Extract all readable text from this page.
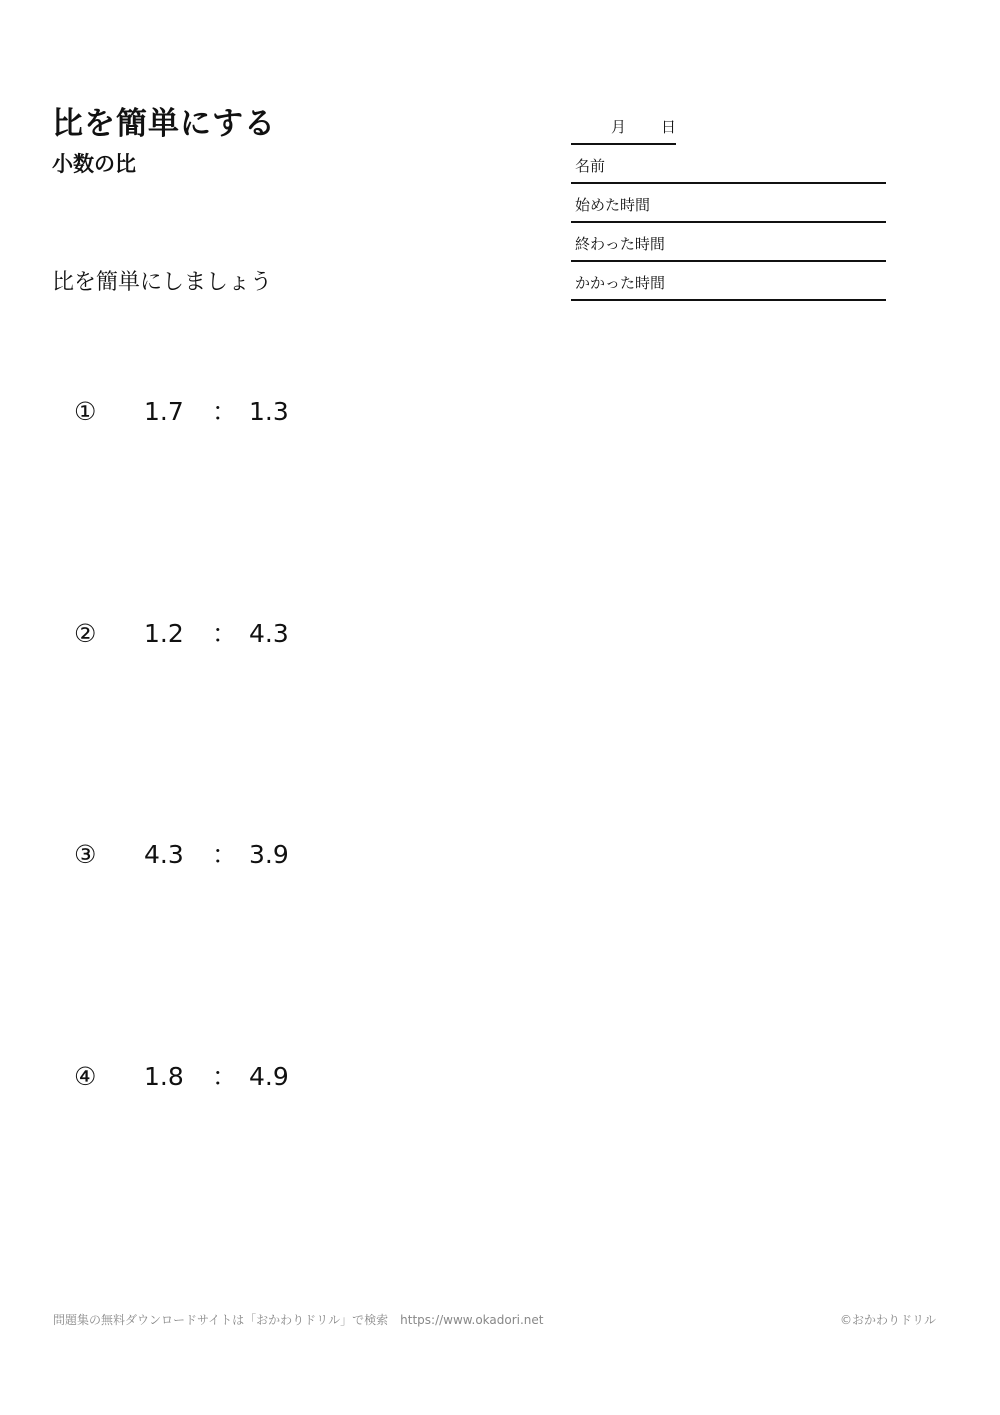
比を簡単にする
小数の比
月 日
名前
始めた時間
終わった時間
かかった時間
比を簡単にしましょう
①	1.7	： 1.3
②	1.2	： 4.3
③	4.3	： 3.9
④	1.8	： 4.9
問題集の無料ダウンロードサイトは「おかわりドリル」で検索　https://www.okadori.net	©おかわりドリル
